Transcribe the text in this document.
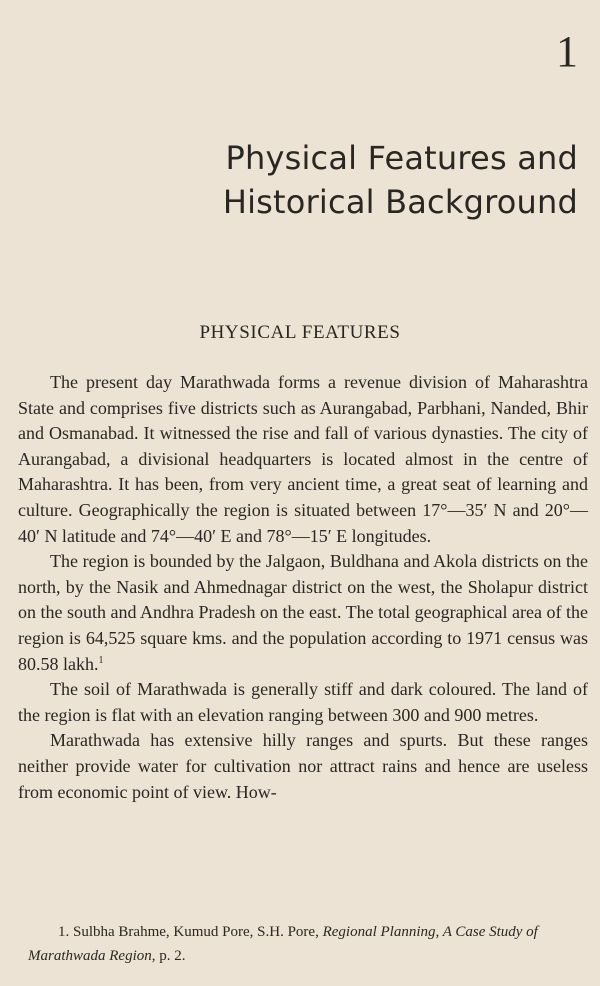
1
Physical Features and
Historical Background
PHYSICAL FEATURES

The present day Marathwada forms a revenue division of Maharashtra State and comprises five districts such as Aurangabad, Parbhani, Nanded, Bhir and Osmanabad. It witnessed the rise and fall of various dynasties. The city of Aurangabad, a divisional headquarters is located almost in the centre of Maharashtra. It has been, from very ancient time, a great seat of learning and culture. Geographically the region is situated between 17°—35′ N and 20°—40′ N latitude and 74°—40′ E and 78°—15′ E longitudes.

The region is bounded by the Jalgaon, Buldhana and Akola districts on the north, by the Nasik and Ahmednagar district on the west, the Sholapur district on the south and Andhra Pradesh on the east. The total geographical area of the region is 64,525 square kms. and the population according to 1971 census was 80.58 lakh.$^1$

The soil of Marathwada is generally stiff and dark coloured. The land of the region is flat with an elevation ranging between 300 and 900 metres.

Marathwada has extensive hilly ranges and spurts. But these ranges neither provide water for cultivation nor attract rains and hence are useless from economic point of view. How-

1. Sulbha Brahme, Kumud Pore, S.H. Pore, Regional Planning, A Case Study of Marathwada Region, p. 2.
